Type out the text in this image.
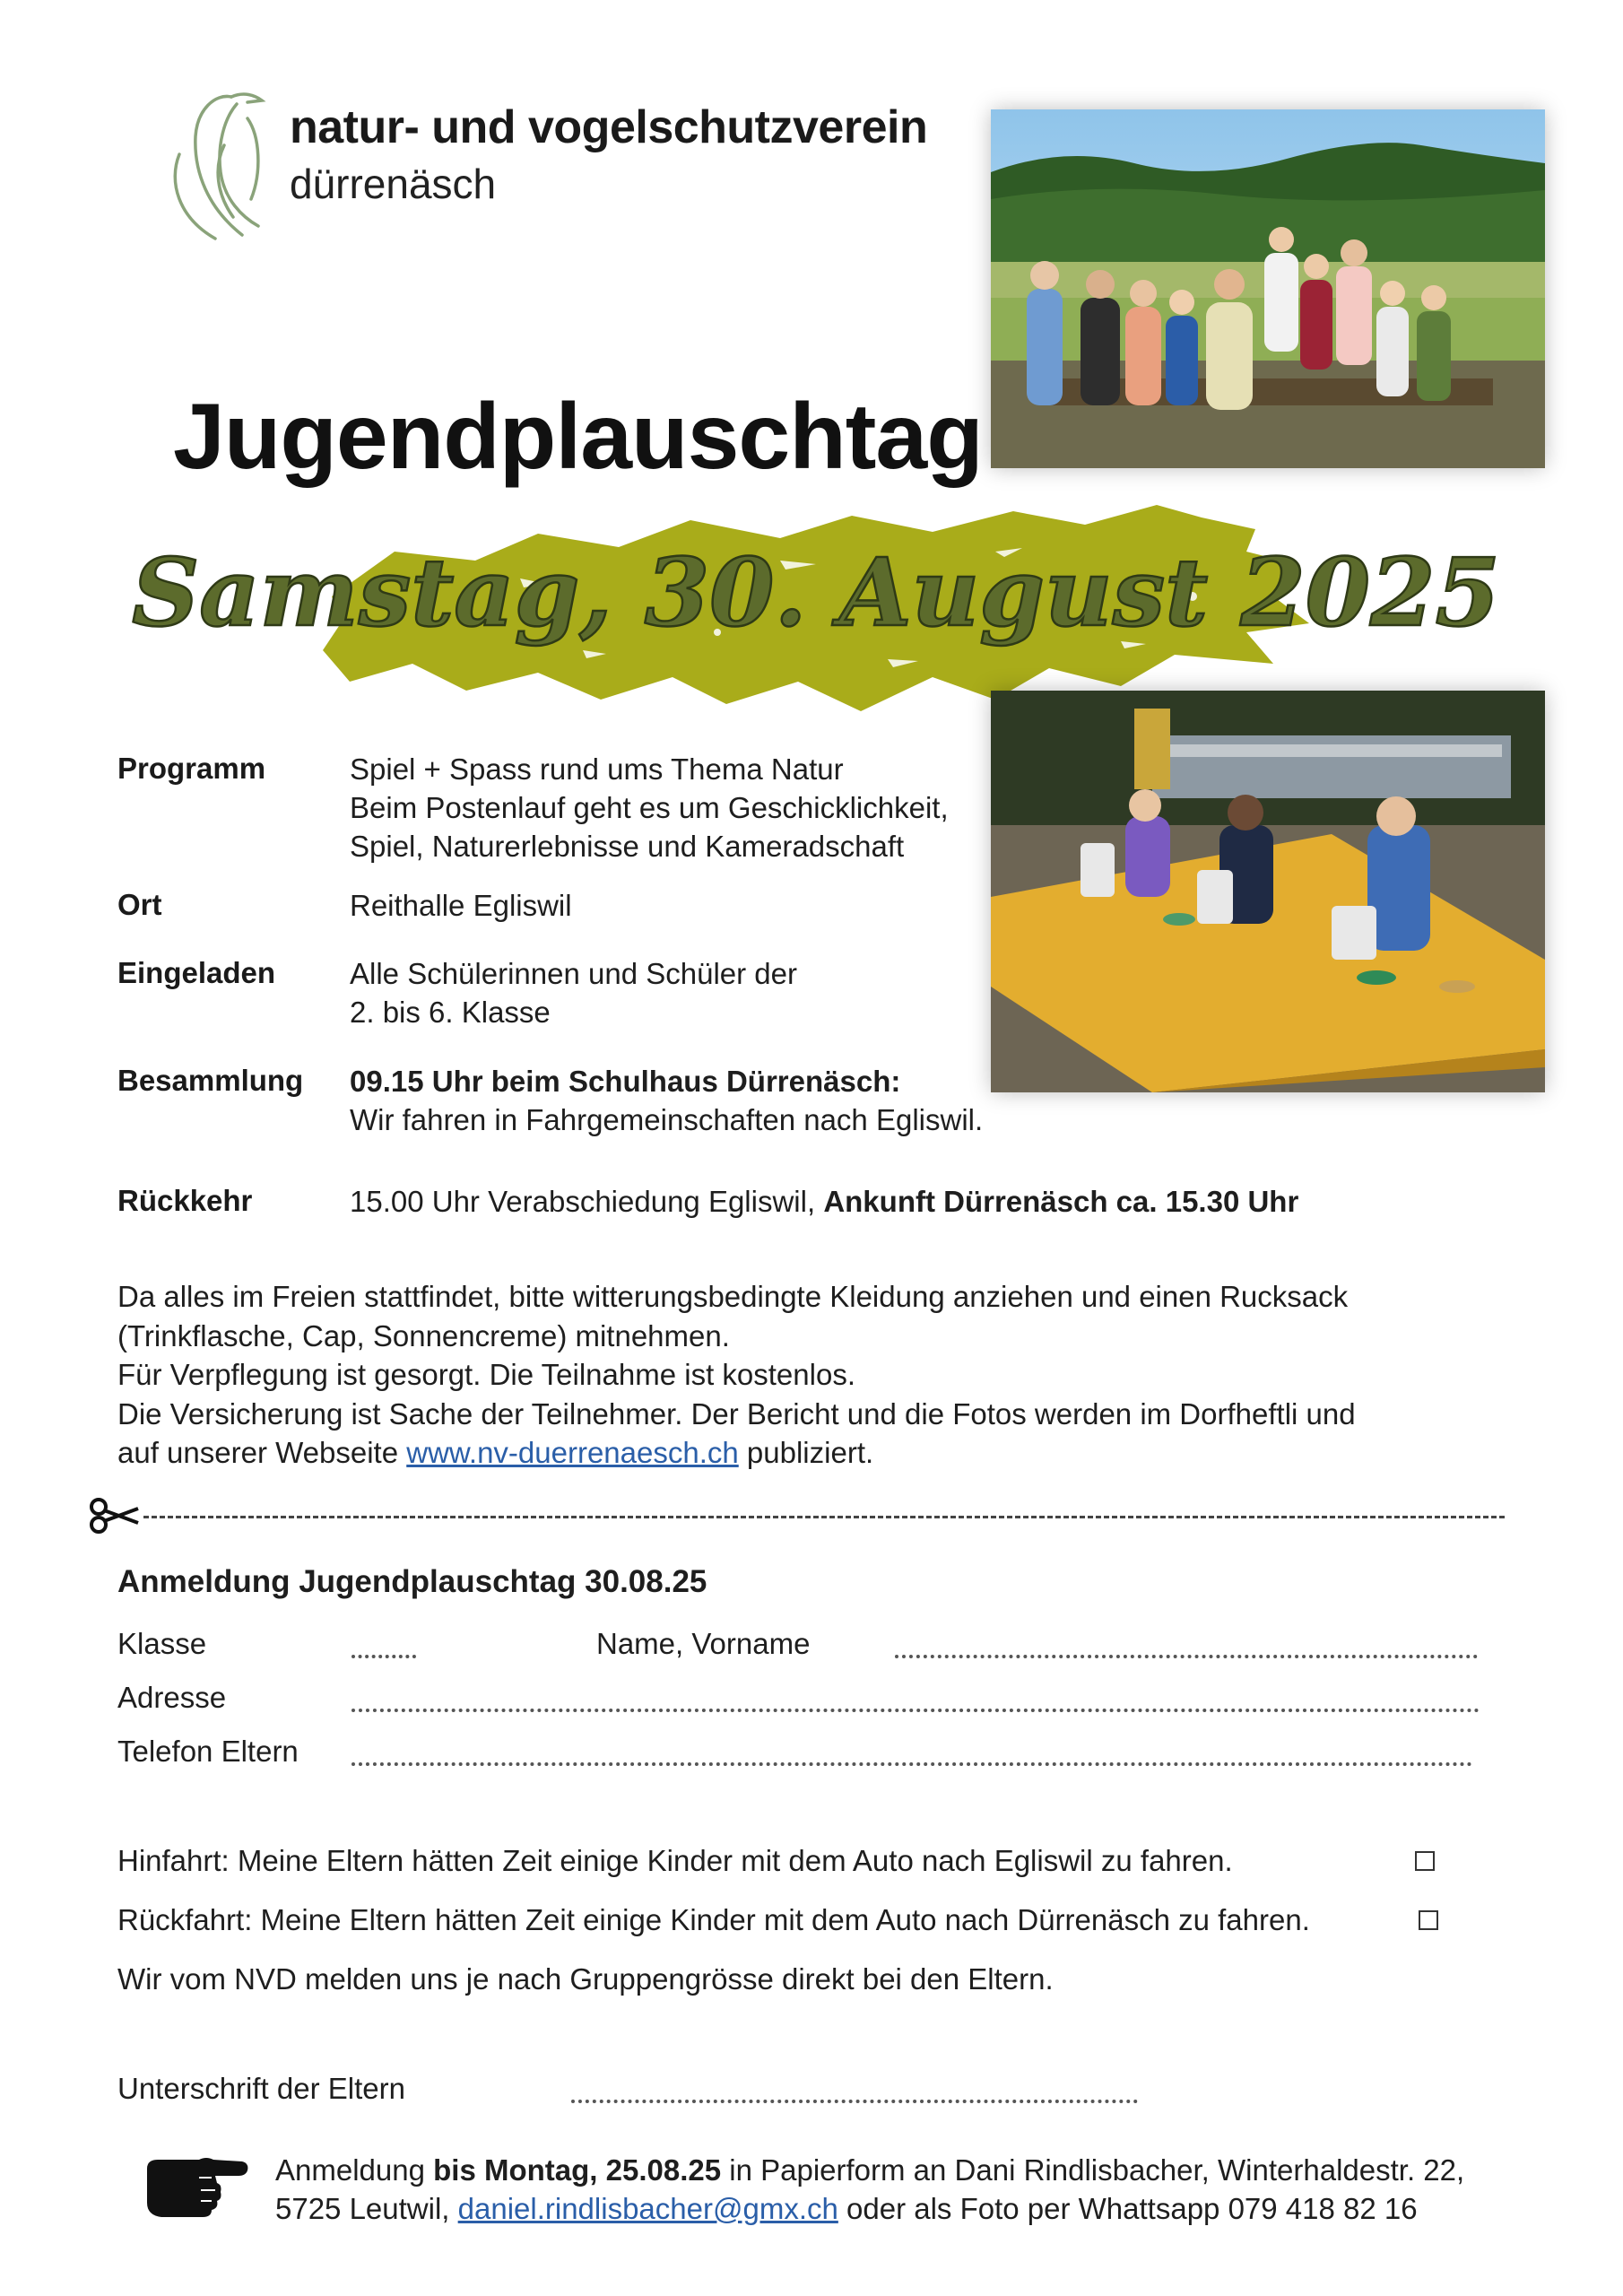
natur- und vogelschutzverein
dürrenäsch
Jugendplauschtag
Samstag, 30. August 2025
Programm	Spiel + Spass rund ums Thema Natur
Beim Postenlauf geht es um Geschicklichkeit,
Spiel, Naturerlebnisse und Kameradschaft
Ort	Reithalle Egliswil
Eingeladen	Alle Schülerinnen und Schüler der
2. bis 6. Klasse
Besammlung 09.15 Uhr beim Schulhaus Dürrenäsch:
Wir fahren in Fahrgemeinschaften nach Egliswil.
Rückkehr	15.00 Uhr Verabschiedung Egliswil, Ankunft Dürrenäsch ca. 15.30 Uhr
Da alles im Freien stattfindet, bitte witterungsbedingte Kleidung anziehen und einen Rucksack
(Trinkflasche, Cap, Sonnencreme) mitnehmen.
Für Verpflegung ist gesorgt. Die Teilnahme ist kostenlos.
Die Versicherung ist Sache der Teilnehmer. Der Bericht und die Fotos werden im Dorfheftli und
auf unserer Webseite www.nv-duerrenaesch.ch publiziert.
Anmeldung Jugendplauschtag 30.08.25
Klasse	Name, Vorname
Adresse
Telefon Eltern
Hinfahrt: Meine Eltern hätten Zeit einige Kinder mit dem Auto nach Egliswil zu fahren.
Rückfahrt: Meine Eltern hätten Zeit einige Kinder mit dem Auto nach Dürrenäsch zu fahren.
Wir vom NVD melden uns je nach Gruppengrösse direkt bei den Eltern.
Unterschrift der Eltern
Anmeldung bis Montag, 25.08.25 in Papierform an Dani Rindlisbacher, Winterhaldestr. 22,
5725 Leutwil, daniel.rindlisbacher@gmx.ch oder als Foto per Whattsapp 079 418 82 16
